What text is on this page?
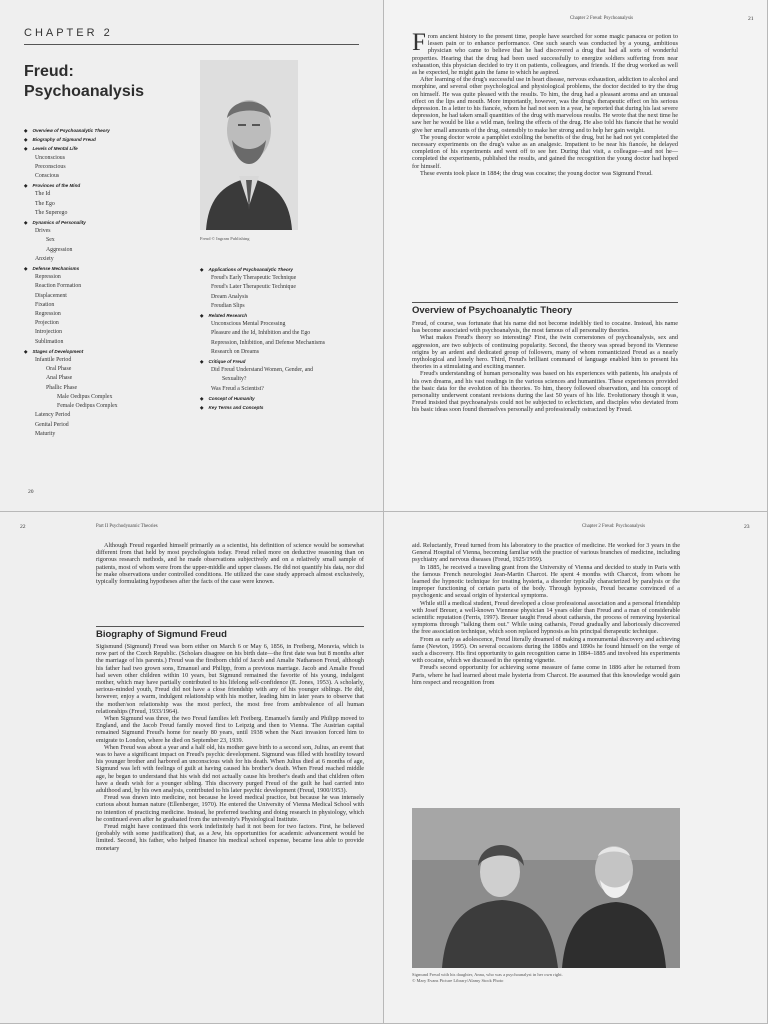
CHAPTER 2
Freud:
Psychoanalysis
Freud © Ingram Publishing
◆ Overview of Psychoanalytic Theory
◆ Biography of Sigmund Freud
◆ Levels of Mental Life
Unconscious
Preconscious
Conscious
◆ Provinces of the Mind
The Id
The Ego
The Superego
◆ Dynamics of Personality
Drives
Sex
Aggression
Anxiety
◆ Defense Mechanisms
Repression
Reaction Formation
Displacement
Fixation
Regression
Projection
Introjection
Sublimation
◆ Stages of Development
Infantile Period
Oral Phase
Anal Phase
Phallic Phase
Male Oedipus Complex
Female Oedipus Complex
Latency Period
Genital Period
Maturity
◆ Applications of Psychoanalytic Theory
Freud's Early Therapeutic Technique
Freud's Later Therapeutic Technique
Dream Analysis
Freudian Slips
◆ Related Research
Unconscious Mental Processing
Pleasure and the Id, Inhibition and the Ego
Repression, Inhibition, and Defense Mechanisms
Research on Dreams
◆ Critique of Freud
Did Freud Understand Women, Gender, and
Sexuality?
Was Freud a Scientist?
◆ Concept of Humanity
◆ Key Terms and Concepts
20
Chapter 2 Freud: Psychoanalysis	21

From ancient history to the present time, people have searched for some magic panacea or potion to lessen pain or to enhance performance. One such search was conducted by a young, ambitious physician who came to believe that he had discovered a drug that had all sorts of wonderful properties. Hearing that the drug had been used successfully to energize soldiers suffering from near exhaustion, this physician decided to try it on patients, colleagues, and friends. If the drug worked as well as he expected, he might gain the fame to which he aspired.

After learning of the drug's successful use in heart disease, nervous exhaustion, addiction to alcohol and morphine, and several other psychological and physiological problems, the doctor decided to try the drug on himself. He was quite pleased with the results. To him, the drug had a pleasant aroma and an unusual effect on the lips and mouth. More importantly, however, was the drug's therapeutic effect on his serious depression. In a letter to his fiancée, whom he had not seen in a year, he reported that during his last severe depression, he had taken small quantities of the drug with marvelous results. He wrote that the next time he saw her he would be like a wild man, feeling the effects of the drug. He also told his fiancée that he would give her small amounts of the drug, ostensibly to make her strong and to help her gain weight.

The young doctor wrote a pamphlet extolling the benefits of the drug, but he had not yet completed the necessary experiments on the drug's value as an analgesic. Impatient to be near his fiancée, he delayed completion of his experiments and went off to see her. During that visit, a colleague—and not he—completed the experiments, published the results, and gained the recognition the young doctor had hoped for himself.

These events took place in 1884; the drug was cocaine; the young doctor was Sigmund Freud.

Overview of Psychoanalytic Theory

Freud, of course, was fortunate that his name did not become indelibly tied to cocaine. Instead, his name has become associated with psychoanalysis, the most famous of all personality theories.

What makes Freud's theory so interesting? First, the twin cornerstones of psychoanalysis, sex and aggression, are two subjects of continuing popularity. Second, the theory was spread beyond its Viennese origins by an ardent and dedicated group of followers, many of whom romanticized Freud as a nearly mythological and lonely hero. Third, Freud's brilliant command of language enabled him to present his theories in a stimulating and exciting manner.

Freud's understanding of human personality was based on his experiences with patients, his analysis of his own dreams, and his vast readings in the various sciences and humanities. These experiences provided the basic data for the evolution of his theories. To him, theory followed observation, and his concept of personality underwent constant revisions during the last 50 years of his life. Evolutionary though it was, Freud insisted that psychoanalysis could not be subjected to eclecticism, and disciples who deviated from his basic ideas soon found themselves personally and professionally ostracized by Freud.

22	Part II Psychodynamic Theories

Although Freud regarded himself primarily as a scientist, his definition of science would be somewhat different from that held by most psychologists today. Freud relied more on deductive reasoning than on rigorous research methods, and he made observations subjectively and on a relatively small sample of patients, most of whom were from the upper-middle and upper classes. He did not quantify his data, nor did he make observations under controlled conditions. He utilized the case study approach almost exclusively, typically formulating hypotheses after the facts of the case were known.

Biography of Sigmund Freud

Sigismund (Sigmund) Freud was born either on March 6 or May 6, 1856, in Freiberg, Moravia, which is now part of the Czech Republic. (Scholars disagree on his birth date—the first date was but 8 months after the marriage of his parents.) Freud was the firstborn child of Jacob and Amalie Nathanson Freud, although his father had two grown sons, Emanuel and Philipp, from a previous marriage. Jacob and Amalie Freud had seven other children within 10 years, but Sigmund remained the favorite of his young, indulgent mother, which may have partially contributed to his lifelong self-confidence (E. Jones, 1953). A scholarly, serious-minded youth, Freud did not have a close friendship with any of his younger siblings. He did, however, enjoy a warm, indulgent relationship with his mother, leading him in later years to observe that the mother/son relationship was the most perfect, the most free from ambivalence of all human relationships (Freud, 1933/1964).

When Sigmund was three, the two Freud families left Freiberg. Emanuel's family and Philipp moved to England, and the Jacob Freud family moved first to Leipzig and then to Vienna. The Austrian capital remained Sigmund Freud's home for nearly 80 years, until 1938 when the Nazi invasion forced him to emigrate to London, where he died on September 23, 1939.

When Freud was about a year and a half old, his mother gave birth to a second son, Julius, an event that was to have a significant impact on Freud's psychic development. Sigmund was filled with hostility toward his younger brother and harbored an unconscious wish for his death. When Julius died at 6 months of age, Sigmund was left with feelings of guilt at having caused his brother's death. When Freud reached middle age, he began to understand that his wish did not actually cause his brother's death and that children often have a death wish for a younger sibling. This discovery purged Freud of the guilt he had carried into adulthood and, by his own analysis, contributed to his later psychic development (Freud, 1900/1953).

Freud was drawn into medicine, not because he loved medical practice, but because he was intensely curious about human nature (Ellenberger, 1970). He entered the University of Vienna Medical School with no intention of practicing medicine. Instead, he preferred teaching and doing research in physiology, which he continued even after he graduated from the university's Physiological Institute.

Freud might have continued this work indefinitely had it not been for two factors. First, he believed (probably with some justification) that, as a Jew, his opportunities for academic advancement would be limited. Second, his father, who helped finance his medical school expense, became less able to provide monetary

Chapter 2 Freud: Psychoanalysis	23

aid. Reluctantly, Freud turned from his laboratory to the practice of medicine. He worked for 3 years in the General Hospital of Vienna, becoming familiar with the practice of various branches of medicine, including psychiatry and nervous diseases (Freud, 1925/1959).

In 1885, he received a traveling grant from the University of Vienna and decided to study in Paris with the famous French neurologist Jean-Martin Charcot. He spent 4 months with Charcot, from whom he learned the hypnotic technique for treating hysteria, a disorder typically characterized by paralysis or the improper functioning of certain parts of the body. Through hypnosis, Freud became convinced of a psychogenic and sexual origin of hysterical symptoms.

While still a medical student, Freud developed a close professional association and a personal friendship with Josef Breuer, a well-known Viennese physician 14 years older than Freud and a man of considerable scientific reputation (Ferris, 1997). Breuer taught Freud about catharsis, the process of removing hysterical symptoms through "talking them out." While using catharsis, Freud gradually and laboriously discovered the free association technique, which soon replaced hypnosis as his principal therapeutic technique.

From as early as adolescence, Freud literally dreamed of making a monumental discovery and achieving fame (Newton, 1995). On several occasions during the 1880s and 1890s he found himself on the verge of such a discovery. His first opportunity to gain recognition came in 1884–1885 and involved his experiments with cocaine, which we discussed in the opening vignette.

Freud's second opportunity for achieving some measure of fame come in 1886 after he returned from Paris, where he had learned about male hysteria from Charcot. He assumed that this knowledge would gain him respect and recognition from

Sigmund Freud with his daughter, Anna, who was a psychoanalyst in her own right.
© Mary Evans Picture Library/Alamy Stock Photo
